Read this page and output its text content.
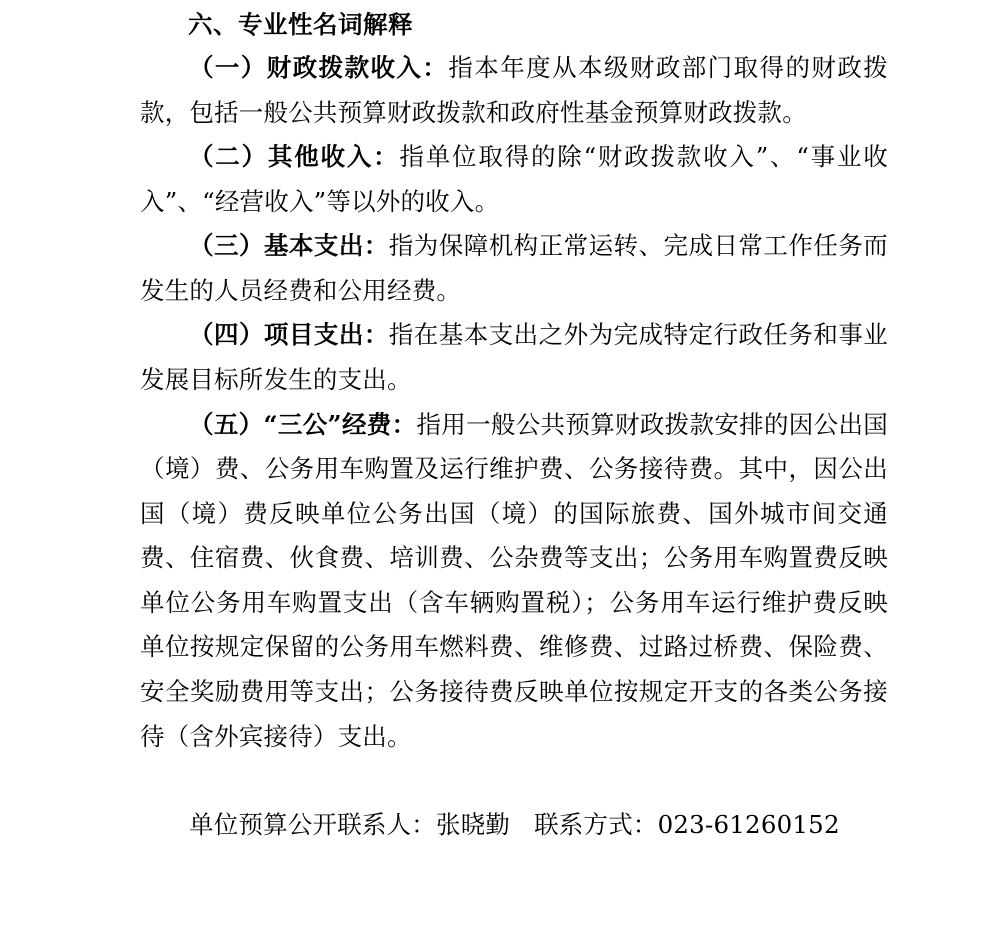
六、专业性名词解释

（一）财政拨款收入：指本年度从本级财政部门取得的财政拨款，包括一般公共预算财政拨款和政府性基金预算财政拨款。

（二）其他收入：指单位取得的除“财政拨款收入”、“事业收入”、“经营收入”等以外的收入。

（三）基本支出：指为保障机构正常运转、完成日常工作任务而发生的人员经费和公用经费。

（四）项目支出：指在基本支出之外为完成特定行政任务和事业发展目标所发生的支出。

（五）“三公”经费：指用一般公共预算财政拨款安排的因公出国（境）费、公务用车购置及运行维护费、公务接待费。其中，因公出国（境）费反映单位公务出国（境）的国际旅费、国外城市间交通费、住宿费、伙食费、培训费、公杂费等支出；公务用车购置费反映单位公务用车购置支出（含车辆购置税）；公务用车运行维护费反映单位按规定保留的公务用车燃料费、维修费、过路过桥费、保险费、安全奖励费用等支出；公务接待费反映单位按规定开支的各类公务接待（含外宾接待）支出。

单位预算公开联系人：张晓勤 联系方式：023-61260152
